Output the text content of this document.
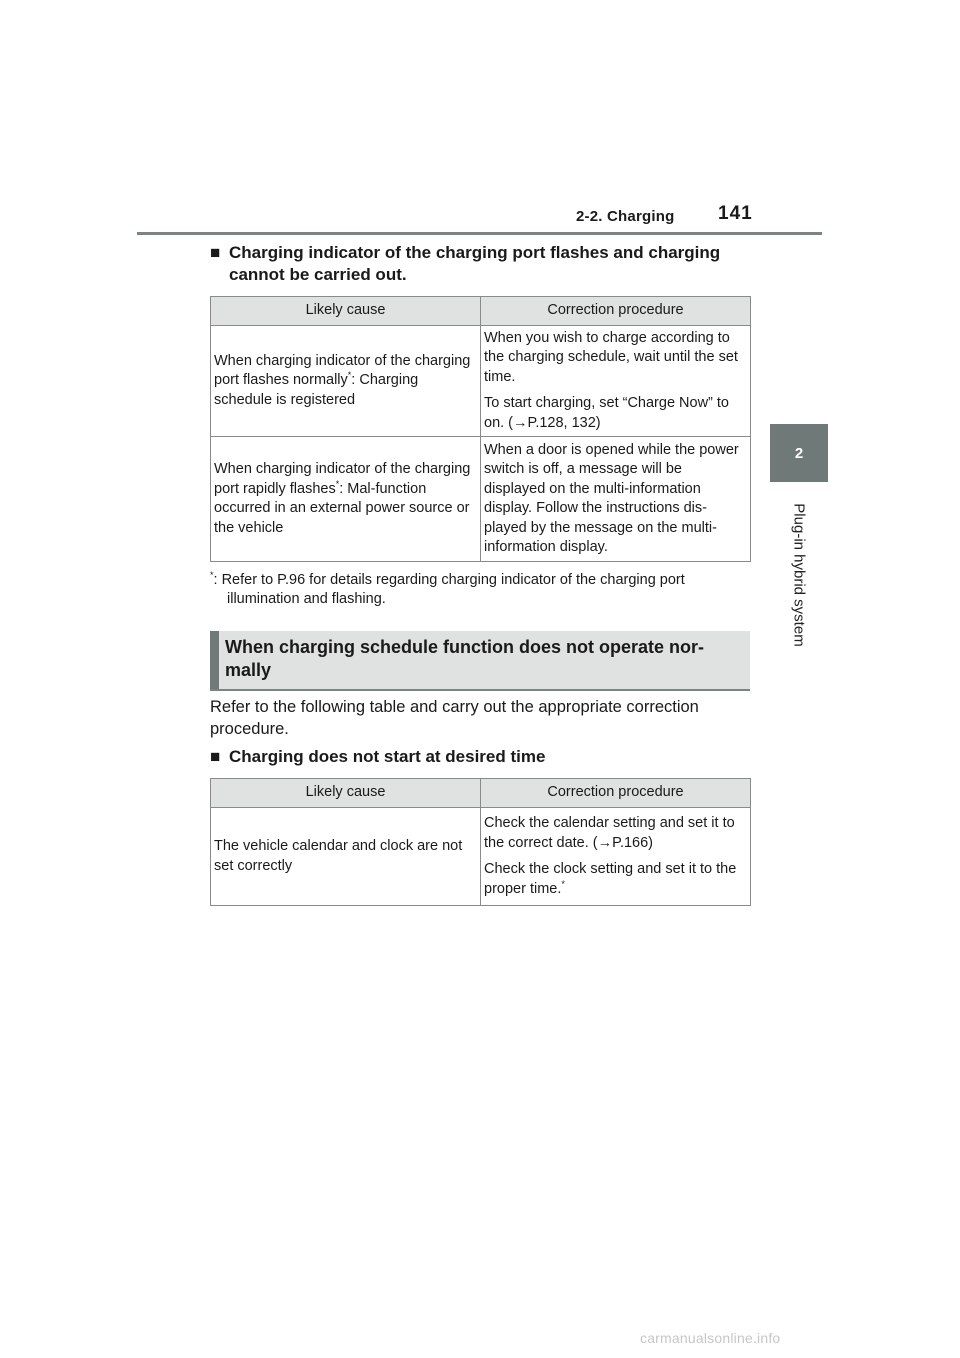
2-2. Charging 141
2
Plug-in hybrid system
■ Charging indicator of the charging port flashes and charging cannot be carried out.
Likely cause	Correction procedure
When charging indicator of the charging port flashes normally*: Charging schedule is registered	When you wish to charge according to the charging schedule, wait until the set time.

To start charging, set “Charge Now” to on. (→P.128, 132)

When charging indicator of the charging port rapidly flashes*: Mal-function occurred in an external power source or the vehicle	When a door is opened while the power switch is off, a message will be displayed on the multi-information display. Follow the instructions dis-played by the message on the multi-information display.

*: Refer to P.96 for details regarding charging indicator of the charging port
illumination and flashing.
When charging schedule function does not operate nor-mally
Refer to the following table and carry out the appropriate correction procedure.
■ Charging does not start at desired time
Likely cause	Correction procedure
The vehicle calendar and clock are not set correctly	Check the calendar setting and set it to the correct date. (→P.166)

Check the clock setting and set it to the proper time.*

carmanualsonline.info
